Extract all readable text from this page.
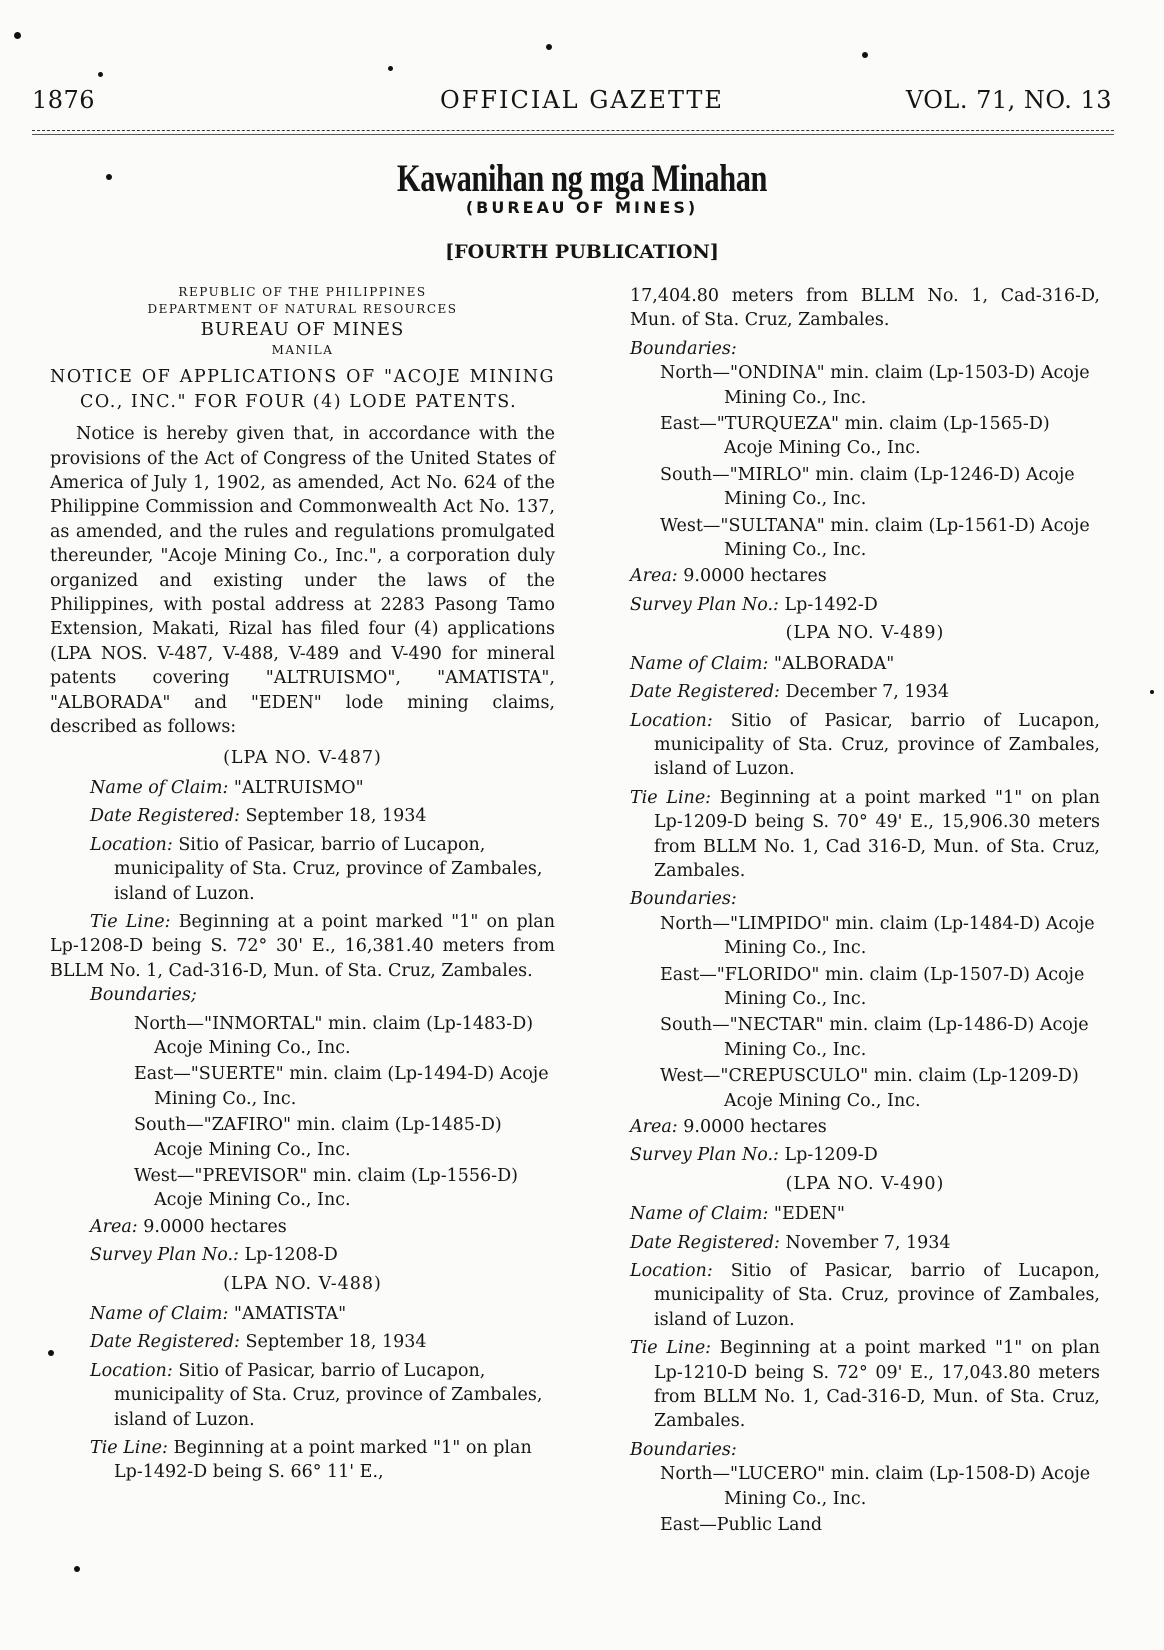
1876	OFFICIAL GAZETTE	VOL. 71, NO. 13
Kawanihan ng mga Minahan
(BUREAU OF MINES)
[FOURTH PUBLICATION]
REPUBLIC OF THE PHILIPPINES
DEPARTMENT OF NATURAL RESOURCES
BUREAU OF MINES
MANILA
NOTICE OF APPLICATIONS OF "ACOJE MINING CO., INC." FOR FOUR (4) LODE PATENTS.

Notice is hereby given that, in accordance with the provisions of the Act of Congress of the United States of America of July 1, 1902, as amended, Act No. 624 of the Philippine Commission and Commonwealth Act No. 137, as amended, and the rules and regulations promulgated thereunder, "Acoje Mining Co., Inc.", a corporation duly organized and existing under the laws of the Philippines, with postal address at 2283 Pasong Tamo Extension, Makati, Rizal has filed four (4) applications (LPA NOS. V-487, V-488, V-489 and V-490 for mineral patents covering "ALTRUISMO", "AMATISTA", "ALBORADA" and "EDEN" lode mining claims, described as follows:

(LPA NO. V-487)
Name of Claim: "ALTRUISMO"
Date Registered: September 18, 1934
Location: Sitio of Pasicar, barrio of Lucapon, municipality of Sta. Cruz, province of Zambales, island of Luzon.
Tie Line: Beginning at a point marked "1" on plan Lp-1208-D being S. 72° 30' E., 16,381.40 meters from BLLM No. 1, Cad-316-D, Mun. of Sta. Cruz, Zambales.
Boundaries;
North—"INMORTAL" min. claim (Lp-1483-D) Acoje Mining Co., Inc.
East—"SUERTE" min. claim (Lp-1494-D) Acoje Mining Co., Inc.
South—"ZAFIRO" min. claim (Lp-1485-D) Acoje Mining Co., Inc.
West—"PREVISOR" min. claim (Lp-1556-D) Acoje Mining Co., Inc.
Area: 9.0000 hectares
Survey Plan No.: Lp-1208-D
(LPA NO. V-488)
Name of Claim: "AMATISTA"
Date Registered: September 18, 1934
Location: Sitio of Pasicar, barrio of Lucapon, municipality of Sta. Cruz, province of Zambales, island of Luzon.
Tie Line: Beginning at a point marked "1" on plan Lp-1492-D being S. 66° 11' E.,
17,404.80 meters from BLLM No. 1, Cad-316-D, Mun. of Sta. Cruz, Zambales.
Boundaries:
North—"ONDINA" min. claim (Lp-1503-D) Acoje Mining Co., Inc.
East—"TURQUEZA" min. claim (Lp-1565-D) Acoje Mining Co., Inc.
South—"MIRLO" min. claim (Lp-1246-D) Acoje Mining Co., Inc.
West—"SULTANA" min. claim (Lp-1561-D) Acoje Mining Co., Inc.
Area: 9.0000 hectares
Survey Plan No.: Lp-1492-D
(LPA NO. V-489)
Name of Claim: "ALBORADA"
Date Registered: December 7, 1934
Location: Sitio of Pasicar, barrio of Lucapon, municipality of Sta. Cruz, province of Zambales, island of Luzon.
Tie Line: Beginning at a point marked "1" on plan Lp-1209-D being S. 70° 49' E., 15,906.30 meters from BLLM No. 1, Cad 316-D, Mun. of Sta. Cruz, Zambales.
Boundaries:
North—"LIMPIDO" min. claim (Lp-1484-D) Acoje Mining Co., Inc.
East—"FLORIDO" min. claim (Lp-1507-D) Acoje Mining Co., Inc.
South—"NECTAR" min. claim (Lp-1486-D) Acoje Mining Co., Inc.
West—"CREPUSCULO" min. claim (Lp-1209-D) Acoje Mining Co., Inc.
Area: 9.0000 hectares
Survey Plan No.: Lp-1209-D
(LPA NO. V-490)
Name of Claim: "EDEN"
Date Registered: November 7, 1934
Location: Sitio of Pasicar, barrio of Lucapon, municipality of Sta. Cruz, province of Zambales, island of Luzon.
Tie Line: Beginning at a point marked "1" on plan Lp-1210-D being S. 72° 09' E., 17,043.80 meters from BLLM No. 1, Cad-316-D, Mun. of Sta. Cruz, Zambales.
Boundaries:
North—"LUCERO" min. claim (Lp-1508-D) Acoje Mining Co., Inc.
East—Public Land
